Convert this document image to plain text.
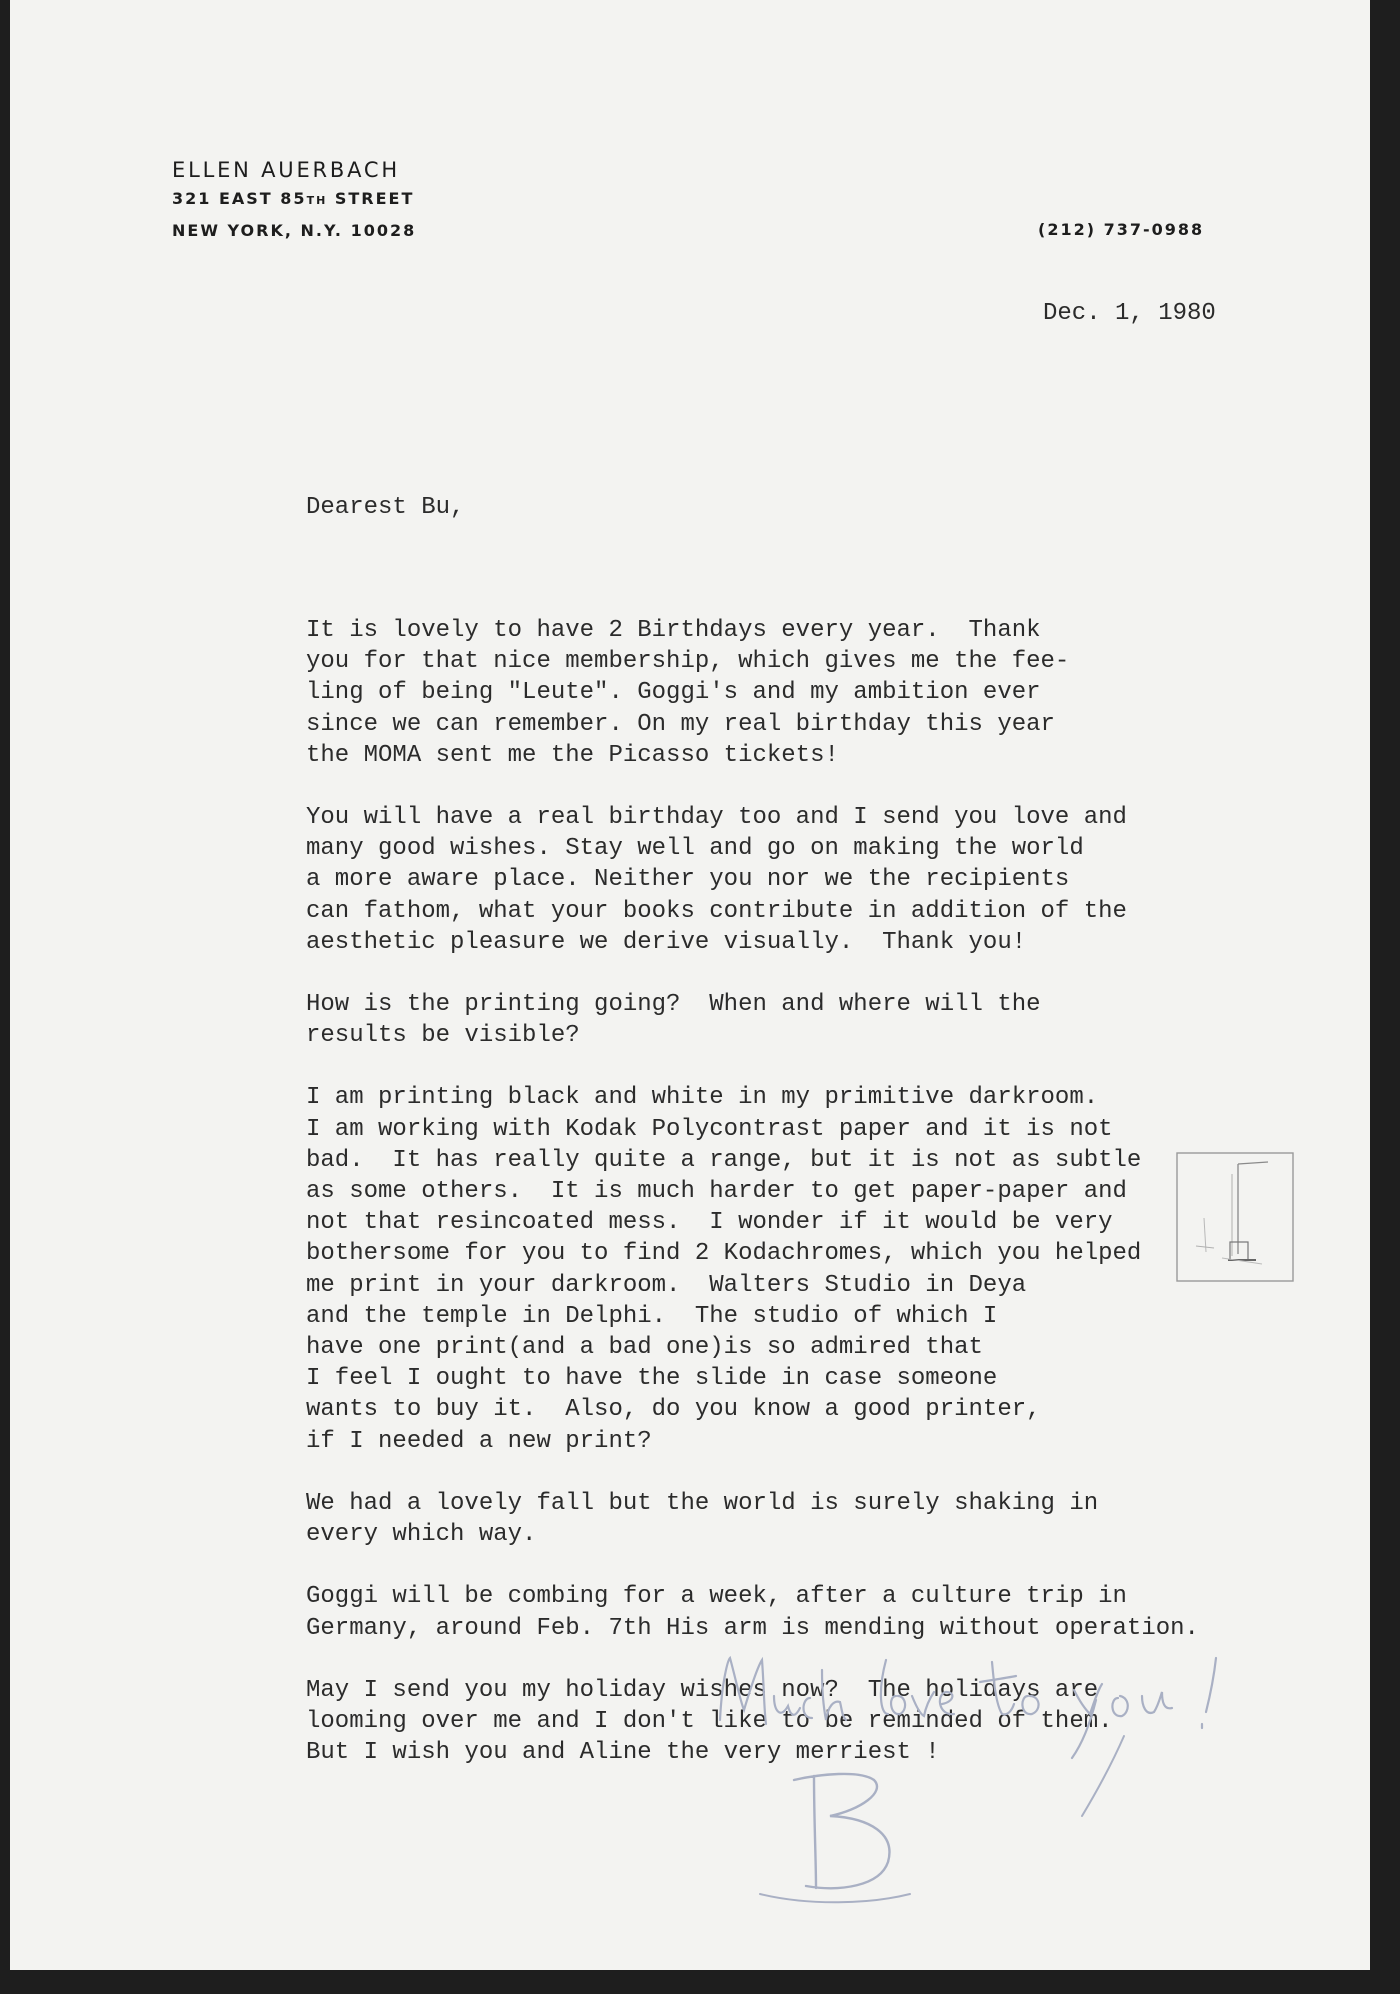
ELLEN AUERBACH
321 EAST 85TH STREET
NEW YORK, N.Y. 10028	(212) 737-0988
Dec. 1, 1980

Dearest Bu,

It is lovely to have 2 Birthdays every year.  Thank

you for that nice membership, which gives me the fee-

ling of being "Leute". Goggi's and my ambition ever

since we can remember. On my real birthday this year

the MOMA sent me the Picasso tickets!

You will have a real birthday too and I send you love and

many good wishes. Stay well and go on making the world

a more aware place. Neither you nor we the recipients

can fathom, what your books contribute in addition of the

aesthetic pleasure we derive visually.  Thank you!

How is the printing going?  When and where will the

results be visible?

I am printing black and white in my primitive darkroom.

I am working with Kodak Polycontrast paper and it is not

bad.  It has really quite a range, but it is not as subtle

as some others.  It is much harder to get paper-paper and

not that resincoated mess.  I wonder if it would be very

bothersome for you to find 2 Kodachromes, which you helped

me print in your darkroom.  Walters Studio in Deya

and the temple in Delphi.  The studio of which I

have one print(and a bad one)is so admired that

I feel I ought to have the slide in case someone

wants to buy it.  Also, do you know a good printer,

if I needed a new print?

We had a lovely fall but the world is surely shaking in

every which way.

Goggi will be combing for a week, after a culture trip in

Germany, around Feb. 7th His arm is mending without operation.

May I send you my holiday wishes now?  The holidays are

looming over me and I don't like to be reminded of them.

But I wish you and Aline the very merriest !
